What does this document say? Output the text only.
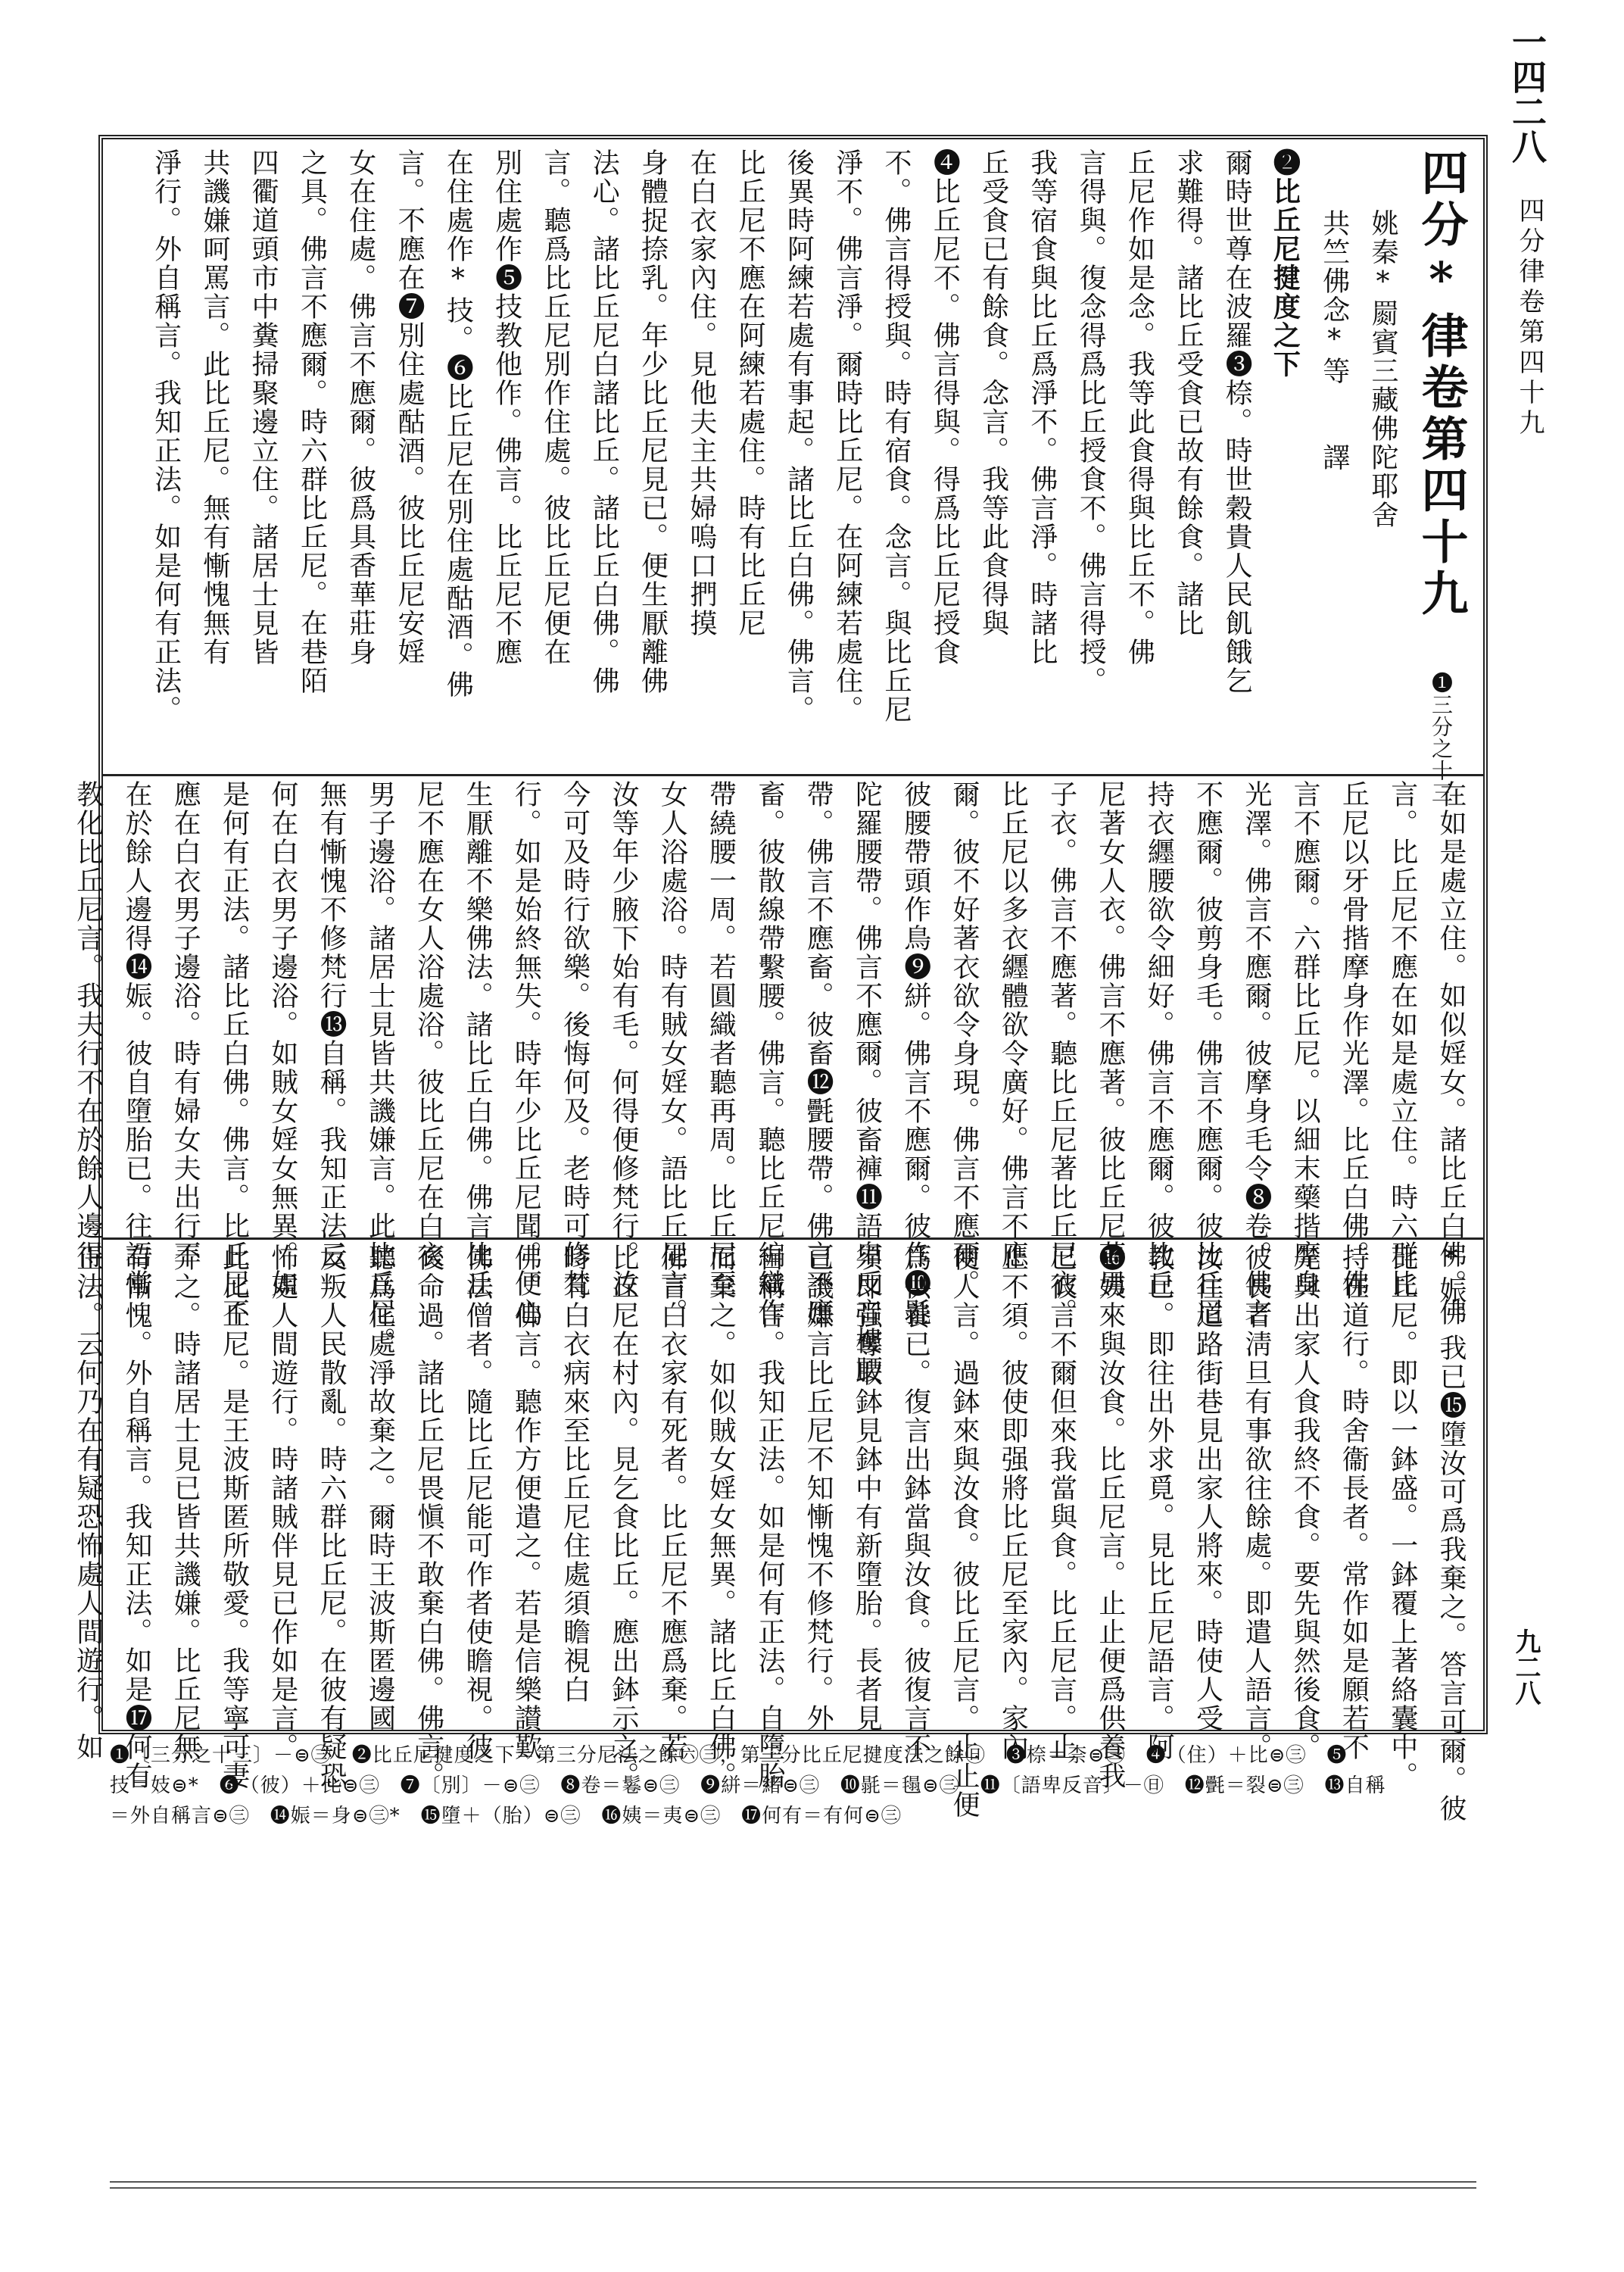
一四二八
四分律卷第四十九
九二八
四分*律卷第四十九　❶三分之十三
姚秦*罽賓三藏佛陀耶舍
共竺佛念*等　　譯
❷比丘尼揵度之下
爾時世尊在波羅❸㮈。時世穀貴人民飢餓乞
求難得。諸比丘受食已故有餘食。諸比
丘尼作如是念。我等此食得與比丘不。佛
言得與。復念得爲比丘授食不。佛言得授。
我等宿食與比丘爲淨不。佛言淨。時諸比
丘受食已有餘食。念言。我等此食得與
❹比丘尼不。佛言得與。得爲比丘尼授食
不。佛言得授與。時有宿食。念言。與比丘尼
淨不。佛言淨。爾時比丘尼。在阿練若處住。
後異時阿練若處有事起。諸比丘白佛。佛言。
比丘尼不應在阿練若處住。時有比丘尼
在白衣家內住。見他夫主共婦嗚口捫摸
身體捉捺乳。年少比丘尼見已。便生厭離佛
法心。諸比丘尼白諸比丘。諸比丘白佛。佛
言。聽爲比丘尼別作住處。彼比丘尼便在
別住處作❺技教他作。佛言。比丘尼不應
在住處作*技。❻比丘尼在別住處酤酒。佛
言。不應在❼別住處酤酒。彼比丘尼安婬
女在住處。佛言不應爾。彼爲具香華莊身
之具。佛言不應爾。時六群比丘尼。在巷陌
四衢道頭市中糞掃聚邊立住。諸居士見皆
共譏嫌呵罵言。此比丘尼。無有慚愧無有
淨行。外自稱言。我知正法。如是何有正法。
在如是處立住。如似婬女。諸比丘白佛。佛
言。比丘尼不應在如是處立住。時六群比
丘尼以牙骨揩摩身作光澤。比丘白佛。佛
言不應爾。六群比丘尼。以細末藥揩摩身
光澤。佛言不應爾。彼摩身毛令❽卷。佛言
不應爾。彼剪身毛。佛言不應爾。彼比丘尼
持衣纒腰欲令細好。佛言不應爾。彼比丘
尼著女人衣。佛言不應著。彼比丘尼著男
子衣。佛言不應著。聽比丘尼著比丘尼衣。
比丘尼以多衣纒體欲令廣好。佛言不應
爾。彼不好著衣欲令身現。佛言不應爾。
彼腰帶頭作鳥❾絣。佛言不應爾。彼作❿毾
陀羅腰帶。佛言不應爾。彼畜褲⓫語卑反音樓腰
帶。佛言不應畜。彼畜⓬㲲腰帶。佛言不應
畜。彼散線帶繫腰。佛言。聽比丘尼編織作
帶繞腰一周。若圓織者聽再周。比丘尼至
女人浴處浴。時有賊女婬女。語比丘尼言。
汝等年少腋下始有毛。何得便修梵行。汝
今可及時行欲樂。後悔何及。老時可修梵
行。如是始終無失。時年少比丘尼聞。便心
生厭離不樂佛法。諸比丘白佛。佛言比丘
尼不應在女人浴處浴。彼比丘尼在白衣
男子邊浴。諸居士見皆共譏嫌言。此比丘尼。
無有慚愧不修梵行⓭自稱。我知正法云
何在白衣男子邊浴。如賊女婬女無異。如
是何有正法。諸比丘白佛。佛言。比丘尼不
應在白衣男子邊浴。時有婦女夫出行不
在於餘人邊得⓮娠。彼自墮胎已。往語常
教化比丘尼言。我夫行不在於餘人邊得
*娠。我已⓯墮汝可爲我棄之。答言可爾。彼
比丘尼。即以一鉢盛。一鉢覆上著絡囊中。
持在道行。時舍衞長者。常作如是願若不
先與出家人食我終不食。要先與然後食。
彼長者淸旦有事欲往餘處。即遣人語言。
汝往道路街巷見出家人將來。時使人受
教已。即往出外求覓。見比丘尼語言。阿
⓰姨來與汝食。比丘尼言。止止便爲供養我
已彼言不爾但來我當與食。比丘尼言。止
止不須。彼使即强將比丘尼至家內。家內
使人言。過鉢來與汝食。彼比丘尼言。止止便
爲供養已。復言出鉢當與汝食。彼復言不
須即强奪取鉢見鉢中有新墮胎。長者見
已譏嫌言比丘尼不知慚愧不修梵行。外
自稱言。我知正法。如是何有正法。自墮胎
而棄之。如似賊女婬女無異。諸比丘白佛。
佛言白衣家有死者。比丘尼不應爲棄。若
比丘尼在村內。見乞食比丘。應出鉢示之。
時有白衣病來至比丘尼住處須瞻視白
佛。佛言。聽作方便遣之。若是信樂讃歎
佛法僧者。隨比丘尼能可作者使瞻視。彼
後命過。諸比丘尼畏愼不敢棄白佛。佛言。
聽爲住處淨故棄之。爾時王波斯匿邊國
反叛人民散亂。時六群比丘尼。在彼有疑恐
怖處人間遊行。時諸賊伴見已作如是言。
此比丘尼。是王波斯匿所敬愛。我等寧可妻
弄之。時諸居士見已皆共譏嫌。比丘尼無
有慚愧。外自稱言。我知正法。如是⓱何有
正法。云何乃在有疑恐怖處人間遊行。如 ❶〔三分之十三〕－⊜㊂　❷比丘尼揵度之下＝第三分尼法之餘㊅㊂，第三分比丘尼揵度法之餘㊐　❸㮈＝柰⊜㊂　❹（住）＋比⊜㊂　❺
技＝妓⊜*　❻（彼）＋比⊜㊂　❼〔別〕－⊜㊂　❽卷＝鬈⊜㊂　❾絣＝緒⊜㊂　❿毾＝㲩⊜㊂　⓫〔語卑反音〕－㊐　⓬㲲＝裂⊜㊂　⓭自稱
＝外自稱言⊜㊂　⓮娠＝身⊜㊂*　⓯墮＋（胎）⊜㊂　⓰姨＝夷⊜㊂　⓱何有＝有何⊜㊂
